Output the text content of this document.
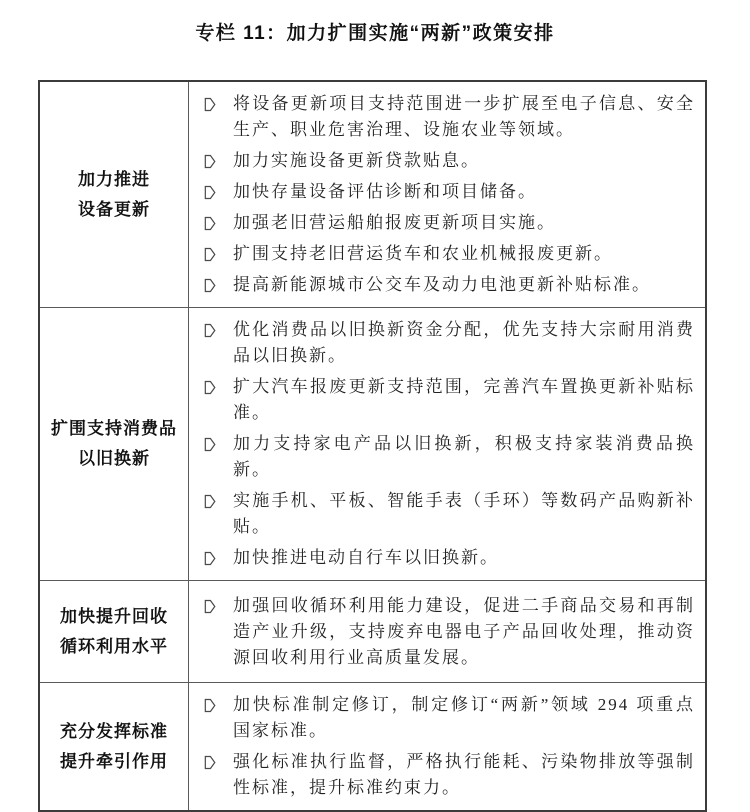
专栏 11：加力扩围实施“两新”政策安排
加力推进
设备更新
将设备更新项目支持范围进一步扩展至电子信息、安全生产、职业危害治理、设施农业等领域。
加力实施设备更新贷款贴息。
加快存量设备评估诊断和项目储备。
加强老旧营运船舶报废更新项目实施。
扩围支持老旧营运货车和农业机械报废更新。
提高新能源城市公交车及动力电池更新补贴标准。
扩围支持消费品
以旧换新
优化消费品以旧换新资金分配，优先支持大宗耐用消费品以旧换新。
扩大汽车报废更新支持范围，完善汽车置换更新补贴标准。
加力支持家电产品以旧换新，积极支持家装消费品换新。
实施手机、平板、智能手表（手环）等数码产品购新补贴。
加快推进电动自行车以旧换新。
加快提升回收
循环利用水平
加强回收循环利用能力建设，促进二手商品交易和再制造产业升级，支持废弃电器电子产品回收处理，推动资源回收利用行业高质量发展。
充分发挥标准
提升牵引作用
加快标准制定修订，制定修订“两新”领域 294 项重点国家标准。
强化标准执行监督，严格执行能耗、污染物排放等强制性标准，提升标准约束力。
